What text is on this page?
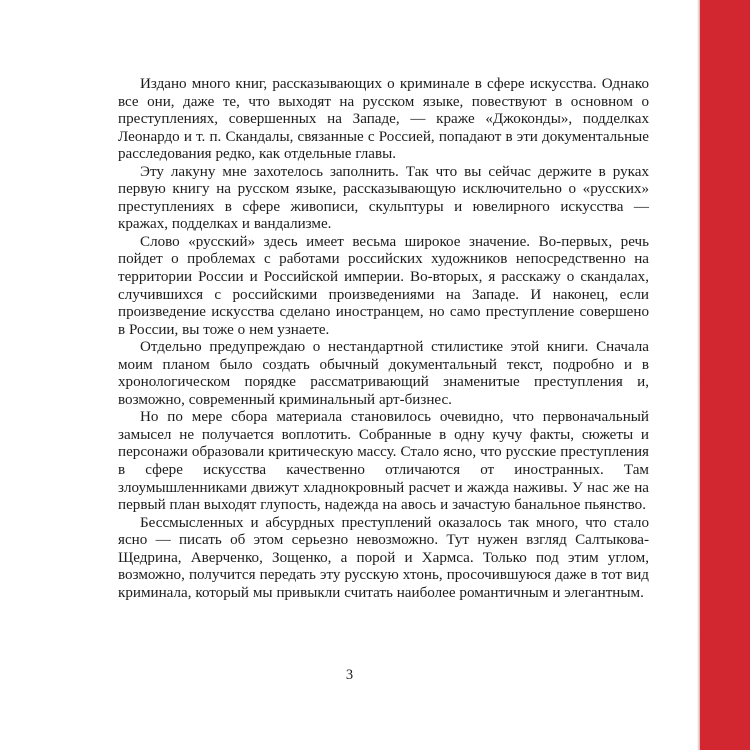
Издано много книг, рассказывающих о криминале в сфере искусства. Однако все они, даже те, что выходят на русском языке, повествуют в основном о преступлениях, совершенных на Западе, — краже «Джоконды», подделках Леонардо и т. п. Скандалы, связанные с Россией, попадают в эти документальные расследования редко, как отдельные главы.

Эту лакуну мне захотелось заполнить. Так что вы сейчас держите в руках первую книгу на русском языке, рассказывающую исключительно о «русских» преступлениях в сфере живописи, скульптуры и ювелирного искусства — кражах, подделках и вандализме.

Слово «русский» здесь имеет весьма широкое значение. Во-первых, речь пойдет о проблемах с работами российских художников непосредственно на территории России и Российской империи. Во-вторых, я расскажу о скандалах, случившихся с российскими произведениями на Западе. И наконец, если произведение искусства сделано иностранцем, но само преступление совершено в России, вы тоже о нем узнаете.

Отдельно предупреждаю о нестандартной стилистике этой книги. Сначала моим планом было создать обычный документальный текст, подробно и в хронологическом порядке рассматривающий знаменитые преступления и, возможно, современный криминальный арт-бизнес.

Но по мере сбора материала становилось очевидно, что первоначальный замысел не получается воплотить. Собранные в одну кучу факты, сюжеты и персонажи образовали критическую массу. Стало ясно, что русские преступления в сфере искусства качественно отличаются от иностранных. Там злоумышленниками движут хладнокровный расчет и жажда наживы. У нас же на первый план выходят глупость, надежда на авось и зачастую банальное пьянство.

Бессмысленных и абсурдных преступлений оказалось так много, что стало ясно — писать об этом серьезно невозможно. Тут нужен взгляд Салтыкова-Щедрина, Аверченко, Зощенко, а порой и Хармса. Только под этим углом, возможно, получится передать эту русскую хтонь, просочившуюся даже в тот вид криминала, который мы привыкли считать наиболее романтичным и элегантным.

3
